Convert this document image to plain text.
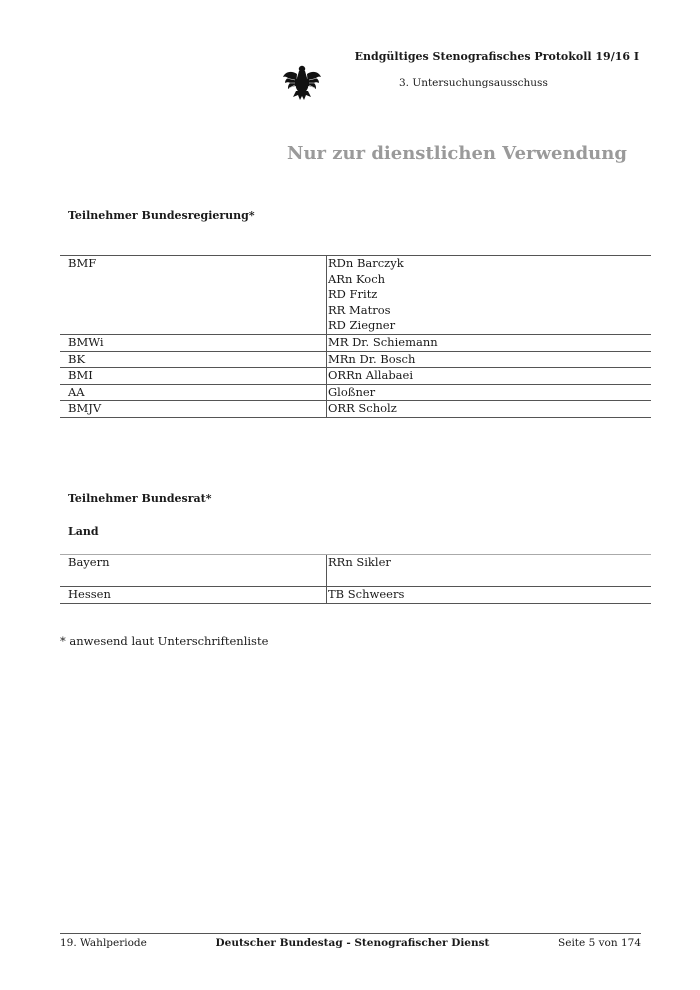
Endgültiges Stenografisches Protokoll 19/16 I
3. Untersuchungsausschuss
Nur zur dienstlichen Verwendung
Teilnehmer Bundesregierung*
BMF	RDn Barczyk
ARn Koch
RD Fritz
RR Matros
RD Ziegner
BMWi	MR Dr. Schiemann
BK	MRn Dr. Bosch
BMI	ORRn Allabaei
AA	Gloßner
BMJV	ORR Scholz
Teilnehmer Bundesrat*
Land
Bayern	RRn Sikler
Hessen	TB Schweers
* anwesend laut Unterschriftenliste
19. Wahlperiode	Deutscher Bundestag - Stenografischer Dienst	Seite 5 von 174
